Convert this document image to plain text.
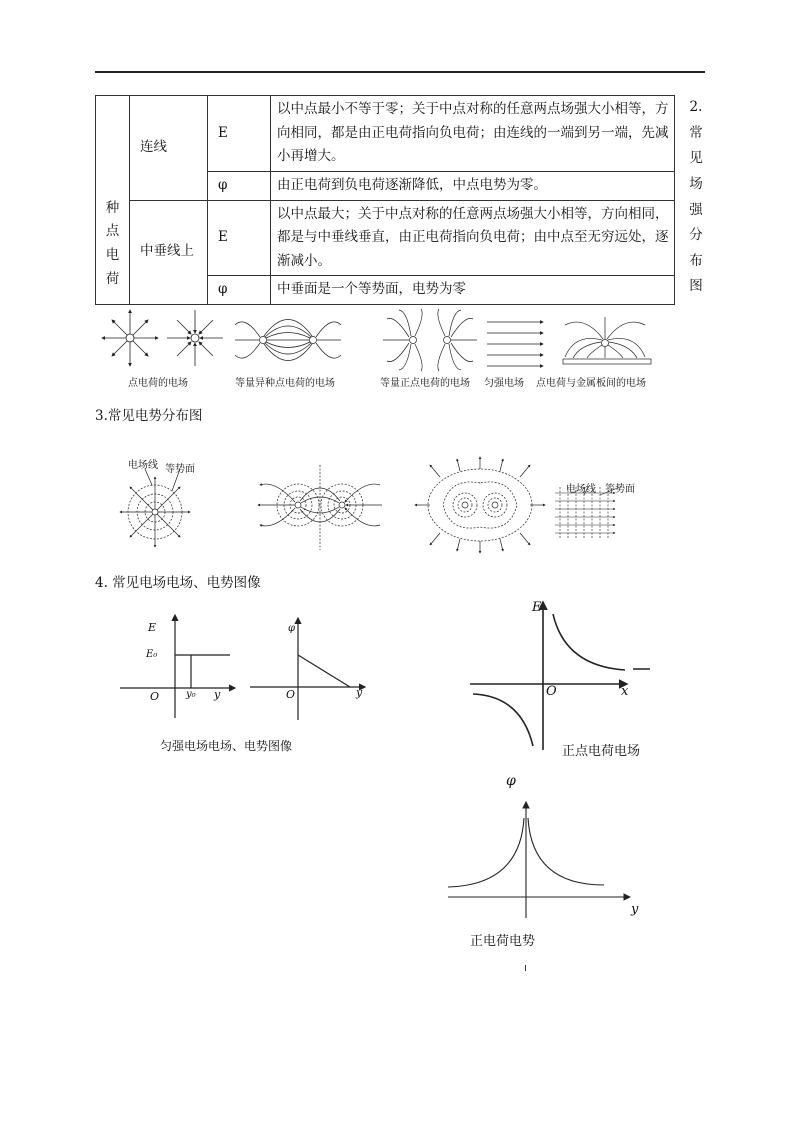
种
点
电
荷	连线	E	以中点最小不等于零；关于中点对称的任意两点场强大小相等，方向相同，都是由正电荷指向负电荷；由连线的一端到另一端，先减小再增大。
		φ	由正电荷到负电荷逐渐降低，中点电势为零。
	中垂线上	E	以中点最大；关于中点对称的任意两点场强大小相等，方向相同，都是与中垂线垂直，由正电荷指向负电荷；由中点至无穷远处，逐渐减小。
		φ	中垂面是一个等势面，电势为零
2.
常
见
场
强
分
布
图
点电荷的电场	等量异种点电荷的电场	等量正点电荷的电场 匀强电场 点电荷与金属板间的电场
3.常见电势分布图
电场线 等势面
电场线 等势面
4. 常见电场电场、电势图像
E
E₀
O	y₀ y
φ
O	y
匀强电场电场、电势图像
E
O	x
正点电荷电场
φ
y
正电荷电势
